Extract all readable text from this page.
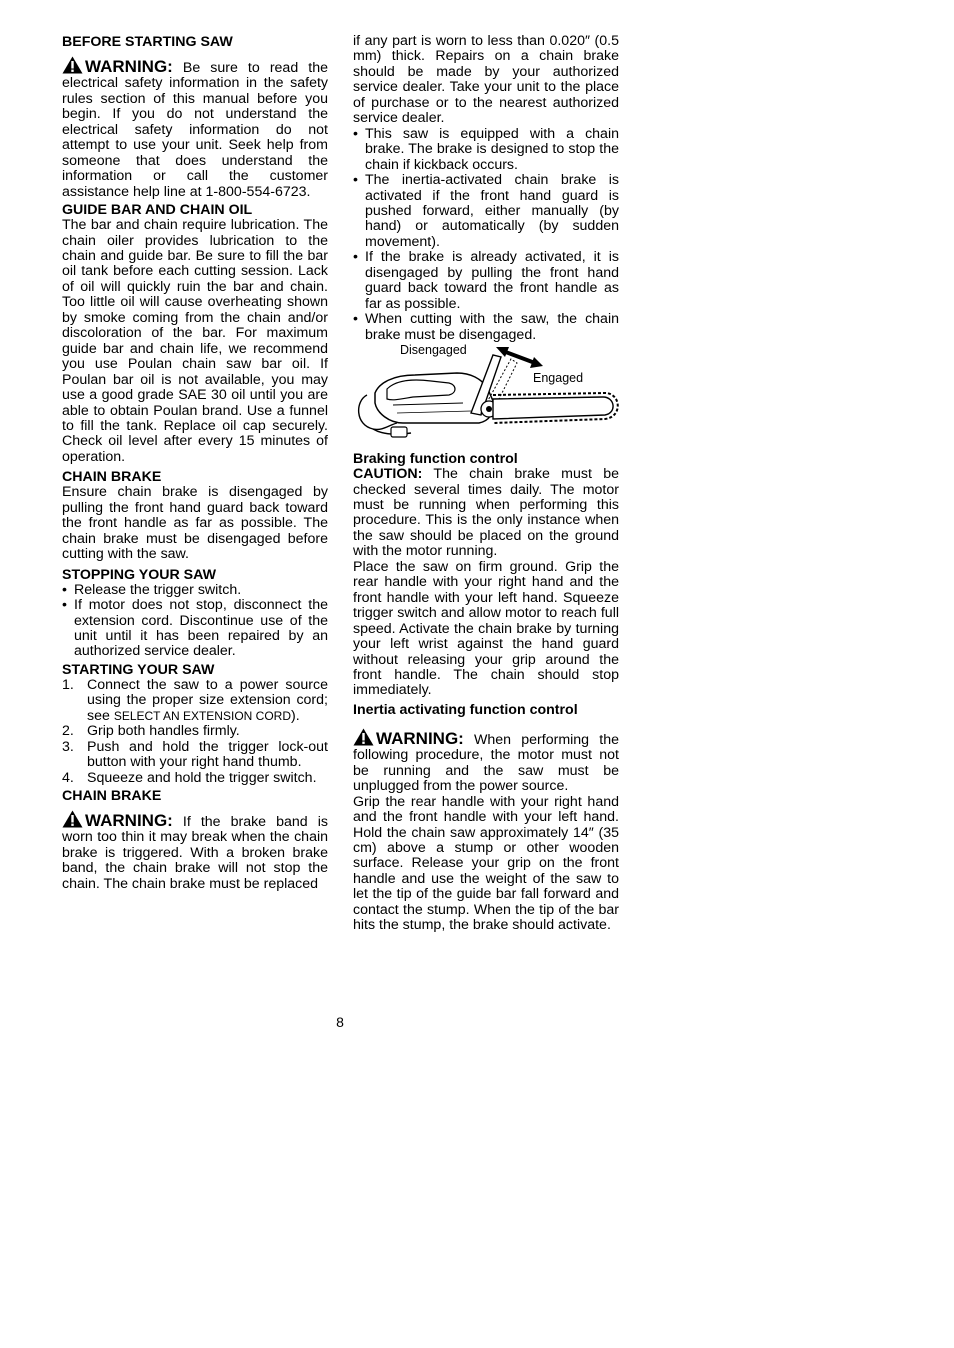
BEFORE STARTING SAW

WARNING: Be sure to read the electrical safety information in the safety rules section of this manual before you begin. If you do not understand the electrical safety information do not attempt to use your unit. Seek help from someone that does understand the information or call the customer assistance help line at 1-800-554-6723.

GUIDE BAR AND CHAIN OIL

The bar and chain require lubrication. The chain oiler provides lubrication to the chain and guide bar. Be sure to fill the bar oil tank before each cutting session. Lack of oil will quickly ruin the bar and chain. Too little oil will cause overheating shown by smoke coming from the chain and/or discoloration of the bar. For maximum guide bar and chain life, we recommend you use Poulan chain saw bar oil. If Poulan bar oil is not available, you may use a good grade SAE 30 oil until you are able to obtain Poulan brand. Use a funnel to fill the tank. Replace oil cap securely. Check oil level after every 15 minutes of operation.

CHAIN BRAKE

Ensure chain brake is disengaged by pulling the front hand guard back toward the front handle as far as possible. The chain brake must be disengaged before cutting with the saw.

STOPPING YOUR SAW
• Release the trigger switch.
• If motor does not stop, disconnect the extension cord. Discontinue use of the unit until it has been repaired by an authorized service dealer.
STARTING YOUR SAW
1. Connect the saw to a power source using the proper size extension cord; see SELECT AN EXTENSION CORD).
2. Grip both handles firmly.
3. Push and hold the trigger lock-out button with your right hand thumb.
4. Squeeze and hold the trigger switch.
CHAIN BRAKE

WARNING: If the brake band is worn too thin it may break when the chain brake is triggered. With a broken brake band, the chain brake will not stop the chain. The chain brake must be replaced

if any part is worn to less than 0.020″ (0.5 mm) thick. Repairs on a chain brake should be made by your authorized service dealer. Take your unit to the place of purchase or to the nearest authorized service dealer.

• This saw is equipped with a chain brake. The brake is designed to stop the chain if kickback occurs.
• The inertia-activated chain brake is activated if the front hand guard is pushed forward, either manually (by hand) or automatically (by sudden movement).
• If the brake is already activated, it is disengaged by pulling the front hand guard back toward the front handle as far as possible.
• When cutting with the saw, the chain brake must be disengaged.
Disengaged
Engaged
Braking function control

CAUTION: The chain brake must be checked several times daily. The motor must be running when performing this procedure. This is the only instance when the saw should be placed on the ground with the motor running.

Place the saw on firm ground. Grip the rear handle with your right hand and the front handle with your left hand. Squeeze trigger switch and allow motor to reach full speed. Activate the chain brake by turning your left wrist against the hand guard without releasing your grip around the front handle. The chain should stop immediately.

Inertia activating function control

WARNING: When performing the following procedure, the motor must not be running and the saw must be unplugged from the power source.

Grip the rear handle with your right hand and the front handle with your left hand. Hold the chain saw approximately 14″ (35 cm) above a stump or other wooden surface. Release your grip on the front handle and use the weight of the saw to let the tip of the guide bar fall forward and contact the stump. When the tip of the bar hits the stump, the brake should activate.

8
